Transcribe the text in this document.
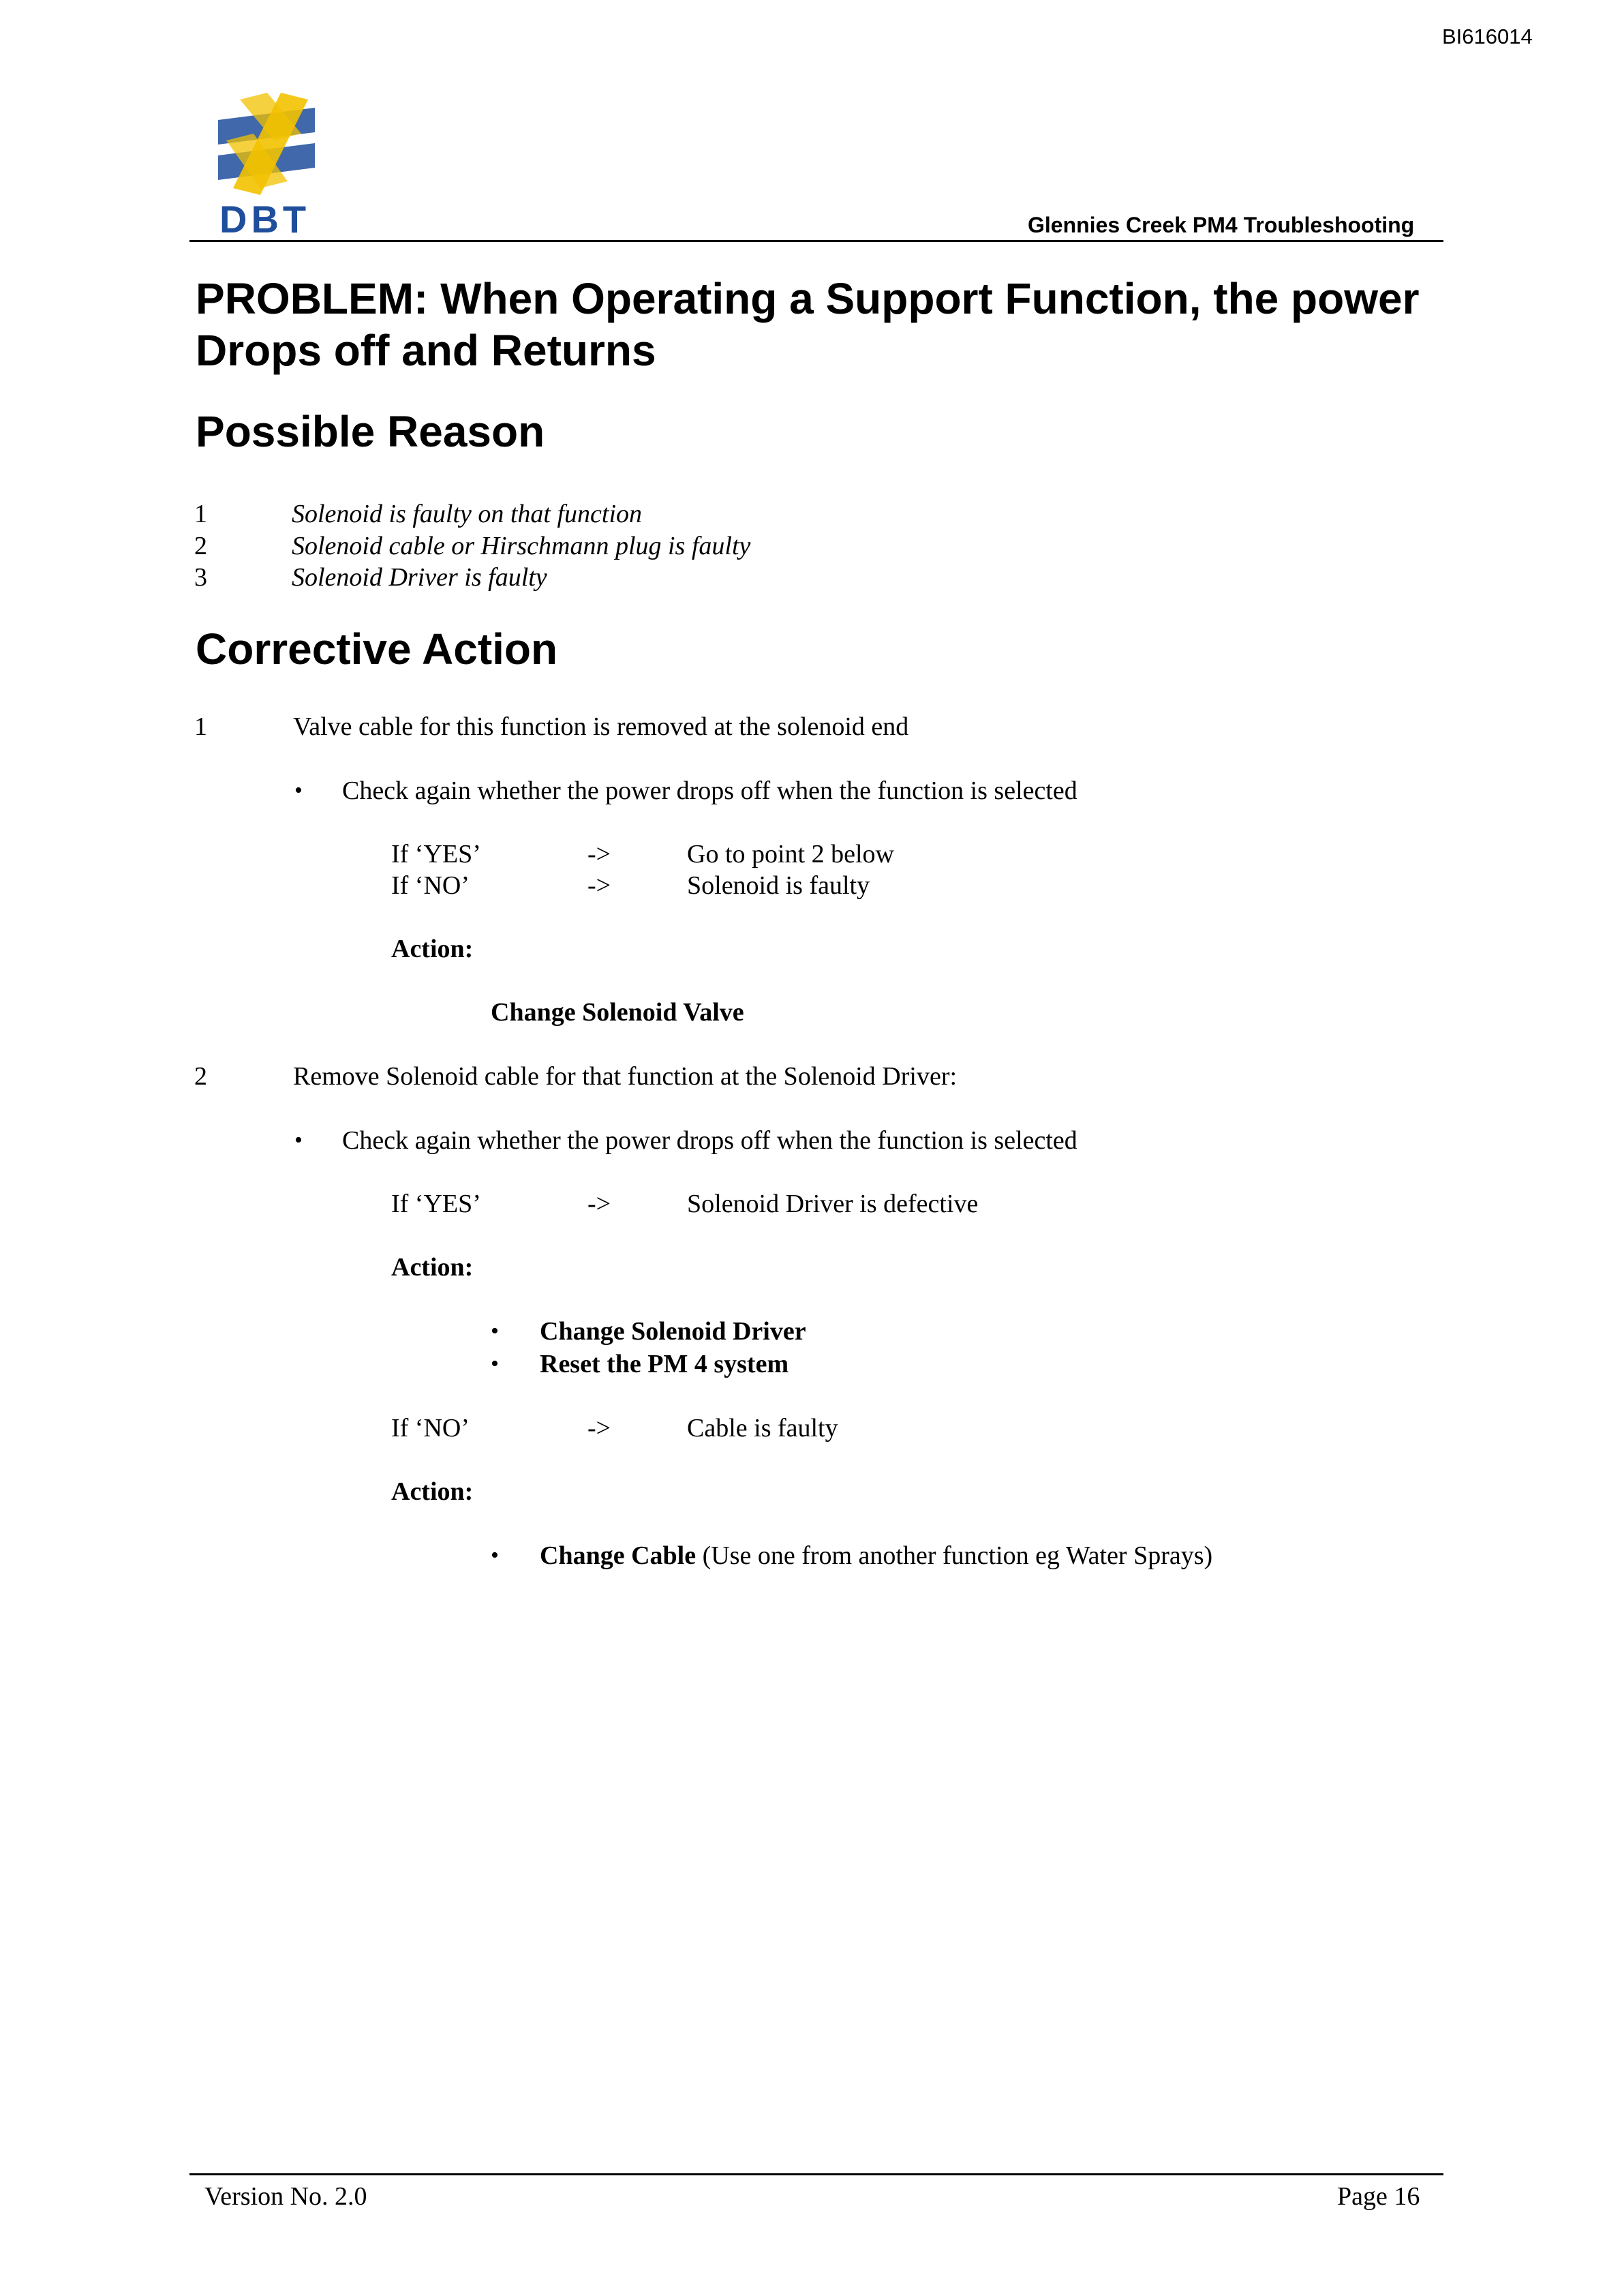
BI616014
DBT	Glennies Creek PM4 Troubleshooting
PROBLEM: When Operating a Support Function, the power Drops off and Returns
Possible Reason
1	Solenoid is faulty on that function
2	Solenoid cable or Hirschmann plug is faulty
3	Solenoid Driver is faulty
Corrective Action
1	Valve cable for this function is removed at the solenoid end
• Check again whether the power drops off when the function is selected
If ‘YES’	->	Go to point 2 below
If ‘NO’	->	Solenoid is faulty
Action:
Change Solenoid Valve
2	Remove Solenoid cable for that function at the Solenoid Driver:
• Check again whether the power drops off when the function is selected
If ‘YES’	->	Solenoid Driver is defective
Action:
• Change Solenoid Driver
• Reset the PM 4 system
If ‘NO’	->	Cable is faulty
Action:
• Change Cable (Use one from another function eg Water Sprays)
Version No. 2.0	Page 16
